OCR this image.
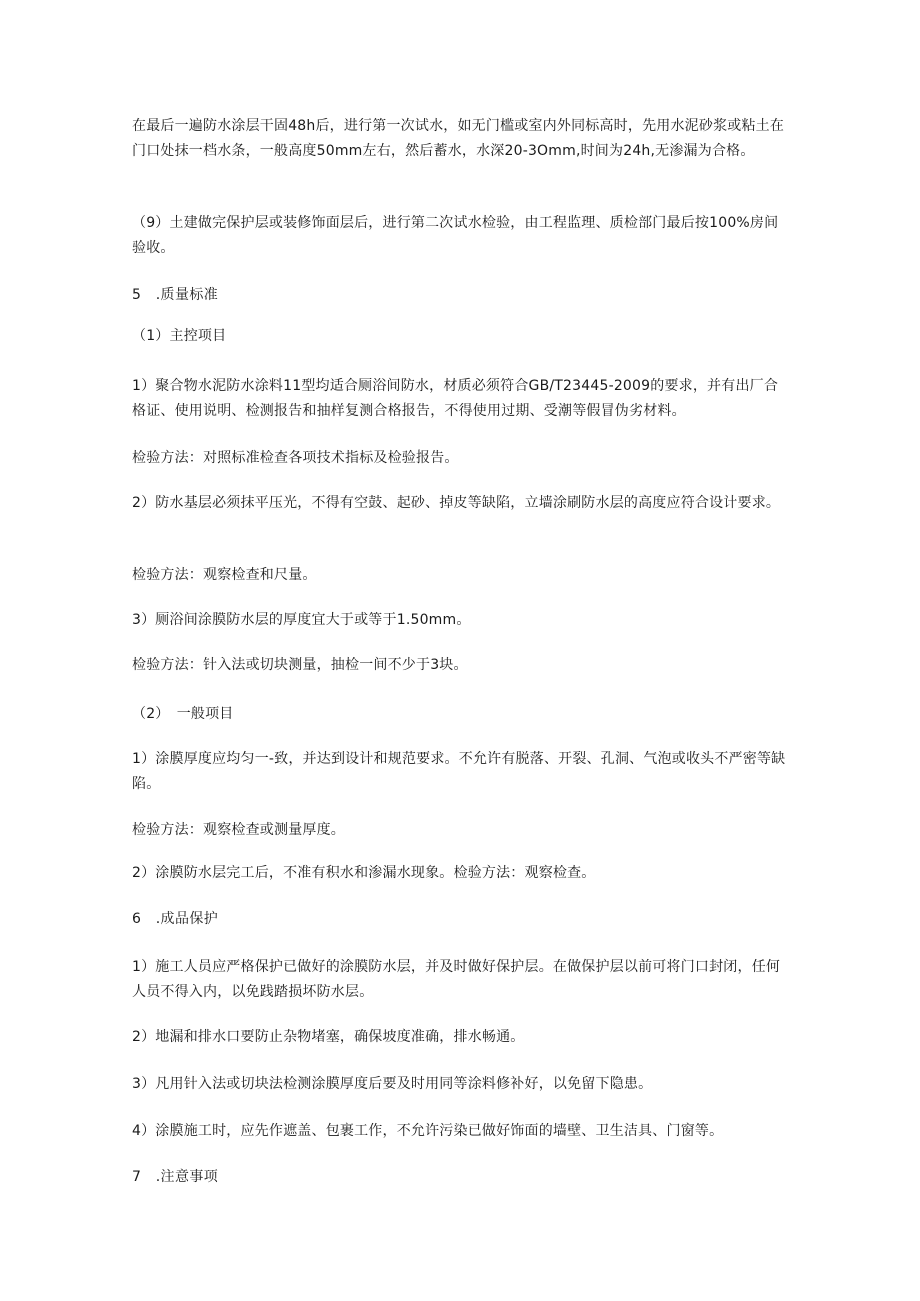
在最后一遍防水涂层干固48h后，进行第一次试水，如无门槛或室内外同标高时，先用水泥砂浆或粘土在门口处抹一档水条，一般高度50mm左右，然后蓄水，水深20-3Omm,时间为24h,无渗漏为合格。

（9）土建做完保护层或装修饰面层后，进行第二次试水检验，由工程监理、质检部门最后按100%房间验收。

5　.质量标准

（1）主控项目

1）聚合物水泥防水涂料11型均适合厕浴间防水，材质必须符合GB/T23445-2009的要求，并有出厂合格证、使用说明、检测报告和抽样复测合格报告，不得使用过期、受潮等假冒伪劣材料。

检验方法：对照标准检查各项技术指标及检验报告。

2）防水基层必须抹平压光，不得有空鼓、起砂、掉皮等缺陷，立墙涂刷防水层的高度应符合设计要求。

检验方法：观察检查和尺量。

3）厕浴间涂膜防水层的厚度宜大于或等于1.50mm。

检验方法：针入法或切块测量，抽检一间不少于3块。

（2）　一般项目

1）涂膜厚度应均匀一-致，并达到设计和规范要求。不允许有脱落、开裂、孔洞、气泡或收头不严密等缺陷。

检验方法：观察检查或测量厚度。

2）涂膜防水层完工后，不准有积水和渗漏水现象。检验方法：观察检查。

6　.成品保护

1）施工人员应严格保护已做好的涂膜防水层，并及时做好保护层。在做保护层以前可将门口封闭，任何人员不得入内，以免践踏损坏防水层。

2）地漏和排水口要防止杂物堵塞，确保坡度准确，排水畅通。

3）凡用针入法或切块法检测涂膜厚度后要及时用同等涂料修补好，以免留下隐患。

4）涂膜施工时，应先作遮盖、包裹工作，不允许污染已做好饰面的墙壁、卫生洁具、门窗等。

7　.注意事项
